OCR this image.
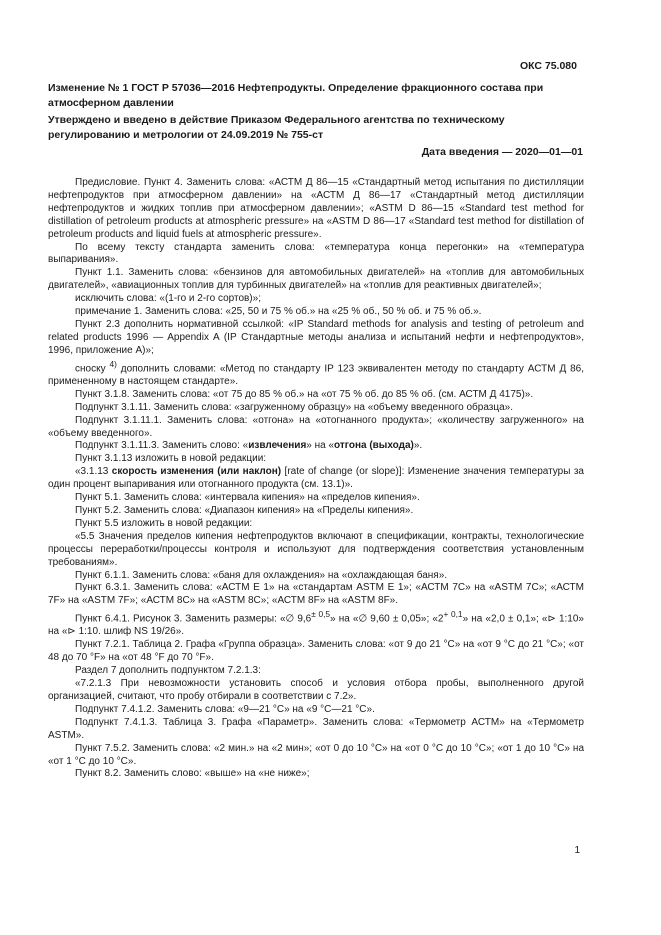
ОКС 75.080
Изменение № 1 ГОСТ Р 57036—2016 Нефтепродукты. Определение фракционного состава при атмосферном давлении
Утверждено и введено в действие Приказом Федерального агентства по техническому регулированию и метрологии от 24.09.2019 № 755-ст
Дата введения — 2020—01—01

Предисловие. Пункт 4. Заменить слова: «АСТМ Д 86—15 «Стандартный метод испытания по дистилляции нефтепродуктов при атмосферном давлении» на «АСТМ Д 86—17 «Стандартный метод дистилляции нефтепродуктов и жидких топлив при атмосферном давлении»; «ASTM D 86—15 «Standard test method for distillation of petroleum products at atmospheric pressure» на «ASTM D 86—17 «Standard test method for distillation of petroleum products and liquid fuels at atmospheric pressure».

По всему тексту стандарта заменить слова: «температура конца перегонки» на «температура выпаривания».

Пункт 1.1. Заменить слова: «бензинов для автомобильных двигателей» на «топлив для автомобильных двигателей», «авиационных топлив для турбинных двигателей» на «топлив для реактивных двигателей»;

исключить слова: «(1-го и 2-го сортов)»;

примечание 1. Заменить слова: «25, 50 и 75 % об.» на «25 % об., 50 % об. и 75 % об.».

Пункт 2.3 дополнить нормативной ссылкой: «IP Standard methods for analysis and testing of petroleum and related products 1996 — Appendix A (IP Стандартные методы анализа и испытаний нефти и нефтепродуктов», 1996, приложение A)»;

сноску $^{4)}$ дополнить словами: «Метод по стандарту IP 123 эквивалентен методу по стандарту АСТМ Д 86, примененному в настоящем стандарте».

Пункт 3.1.8. Заменить слова: «от 75 до 85 % об.» на «от 75 % об. до 85 % об. (см. АСТМ Д 4175)».

Подпункт 3.1.11. Заменить слова: «загруженному образцу» на «объему введенного образца».

Подпункт 3.1.11.1. Заменить слова: «отгона» на «отогнанного продукта»; «количеству загруженного» на «объему введенного».

Подпункт 3.1.11.3. Заменить слово: «извлечения» на «отгона (выхода)».

Пункт 3.1.13 изложить в новой редакции:

«3.1.13 скорость изменения (или наклон) [rate of change (or slope)]: Изменение значения температуры за один процент выпаривания или отогнанного продукта (см. 13.1)».

Пункт 5.1. Заменить слова: «интервала кипения» на «пределов кипения».

Пункт 5.2. Заменить слова: «Диапазон кипения» на «Пределы кипения».

Пункт 5.5 изложить в новой редакции:

«5.5 Значения пределов кипения нефтепродуктов включают в спецификации, контракты, технологические процессы переработки/процессы контроля и используют для подтверждения соответствия установленным требованиям».

Пункт 6.1.1. Заменить слова: «баня для охлаждения» на «охлаждающая баня».

Пункт 6.3.1. Заменить слова: «АСТМ Е 1» на «стандартам ASTM E 1»; «АСТМ 7С» на «ASTM 7C»; «АСТМ 7F» на «ASTM 7F»; «АСТМ 8С» на «ASTM 8C»; «АСТМ 8F» на «ASTM 8F».

Пункт 6.4.1. Рисунок 3. Заменить размеры: «∅ $9,6^{\pm 0,5}$» на «∅ 9,60 ± 0,05»; «$2^{+ 0,1}$» на «2,0 ± 0,1»; «⊳ 1:10» на «⊳ 1:10. шлиф NS 19/26».

Пункт 7.2.1. Таблица 2. Графа «Группа образца». Заменить слова: «от 9 до 21 °С» на «от 9 °С до 21 °С»; «от 48 до 70 °F» на «от 48 °F до 70 °F».

Раздел 7 дополнить подпунктом 7.2.1.3:

«7.2.1.3 При невозможности установить способ и условия отбора пробы, выполненного другой организацией, считают, что пробу отбирали в соответствии с 7.2».

Подпункт 7.4.1.2. Заменить слова: «9—21 °С» на «9 °С—21 °С».

Подпункт 7.4.1.3. Таблица 3. Графа «Параметр». Заменить слова: «Термометр АСТМ» на «Термометр ASTM».

Пункт 7.5.2. Заменить слова: «2 мин.» на «2 мин»; «от 0 до 10 °С» на «от 0 °С до 10 °С»; «от 1 до 10 °С» на «от 1 °С до 10 °С».

Пункт 8.2. Заменить слово: «выше» на «не ниже»;

1
